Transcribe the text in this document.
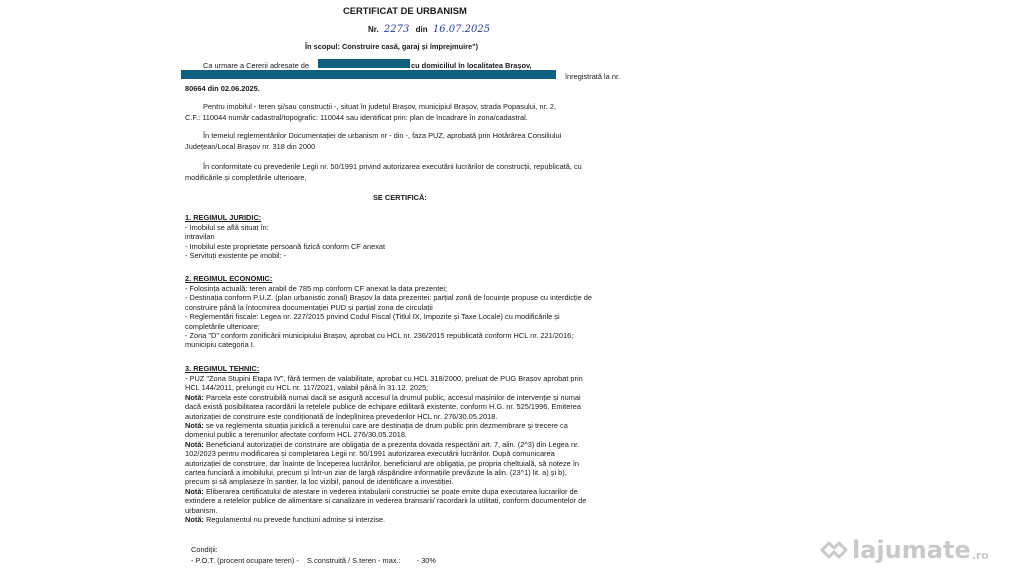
CERTIFICAT DE URBANISM
Nr. 2273 din 16.07.2025
În scopul: Construire casă, garaj și împrejmuire")
Ca urmare a Cererii adresate de	cu domiciliul în localitatea Brașov,
înregistrată la nr.
80664 din 02.06.2025.
Pentru imobilul - teren și/sau construcții -, situat în județul Brașov, municipiul Brașov, strada Popasului, nr. 2,
C.F.: 110044 număr cadastral/topografic: 110044 sau identificat prin: plan de încadrare în zona/cadastral.
În temeiul reglementărilor Documentației de urbanism nr - din -, faza PUZ, aprobată prin Hotărârea Consiliului
Județean/Local Brașov nr. 318 din 2000
În conformitate cu prevederile Legii nr. 50/1991 privind autorizarea executării lucrărilor de construcții, republicată, cu
modificările și completările ulterioare,
SE CERTIFICĂ:
1. REGIMUL JURIDIC:
- Imobilul se află situat în:
intravilan
- Imobilul este proprietate persoană fizică conform CF anexat
- Servituți existente pe imobil: -
2. REGIMUL ECONOMIC:
- Folosința actuală: teren arabil de 785 mp conform CF anexat la data prezentei;
- Destinația conform P.U.Z. (plan urbanistic zonal) Brașov la data prezentei: parțial zonă de locuințe propuse cu interdicție de
construire până la întocmirea documentației PUD și parțial zona de circulații
- Reglementări fiscale: Legea nr. 227/2015 privind Codul Fiscal (Titlul IX, Impozite și Taxe Locale) cu modificările și
completările ulterioare;
- Zona "D" conform zonificării municipiului Brașov, aprobat cu HCL nr. 236/2015 republicată conform HCL nr. 221/2016;
municipiu categoria I.
3. REGIMUL TEHNIC:
- PUZ "Zona Stupini Etapa IV", fără termen de valabilitate, aprobat cu HCL 318/2000, preluat de PUG Brașov aprobat prin
HCL 144/2011, prelungit cu HCL nr. 117/2021, valabil până în 31.12. 2025;
Notă: Parcela este construibilă numai dacă se asigură accesul la drumul public, accesul mașinilor de intervenție și numai
dacă există posibilitatea racordării la rețelele publice de echipare edilitară existente, conform H.G. nr. 525/1996. Emiterea
autorizației de construire este condiționată de îndeplinirea prevederilor HCL nr. 276/30.05.2018.
Notă: se va reglementa situația juridică a terenului care are destinația de drum public prin dezmembrare și trecere ca
domeniul public a terenurilor afectate conform HCL 276/30.05.2018.
Notă: Beneficiarul autorizației de construire are obligația de a prezenta dovada respectării art. 7, alin. (2^3) din Legea nr.
102/2023 pentru modificarea și completarea Legii nr. 50/1991 autorizarea executării lucrărilor. După comunicarea
autorizației de construire, dar înainte de începerea lucrărilor, beneficiarul are obligația, pe propria cheltuială, să noteze în
cartea funciară a imobilului, precum și într-un ziar de largă răspândire informațiile prevăzute la alin. (23^1) lit. a) și b),
precum și să amplaseze în șantier, la loc vizibil, panoul de identificare a investiției.
Notă: Eliberarea certificatului de atestare in vederea intabularii constructiei se poate emite dupa executarea lucrarilor de
extindere a retelelor publice de alimentare si canalizare in vederea bransarii/ racordarii la utilitati, conform documentelor de
urbanism.
Notă: Regulamentul nu prevede funcțiuni admise și interzise.
Condiții:
- P.O.T. (procent ocupare teren) - S.construită / S.teren - max.: - 30%	lajumate .ro
